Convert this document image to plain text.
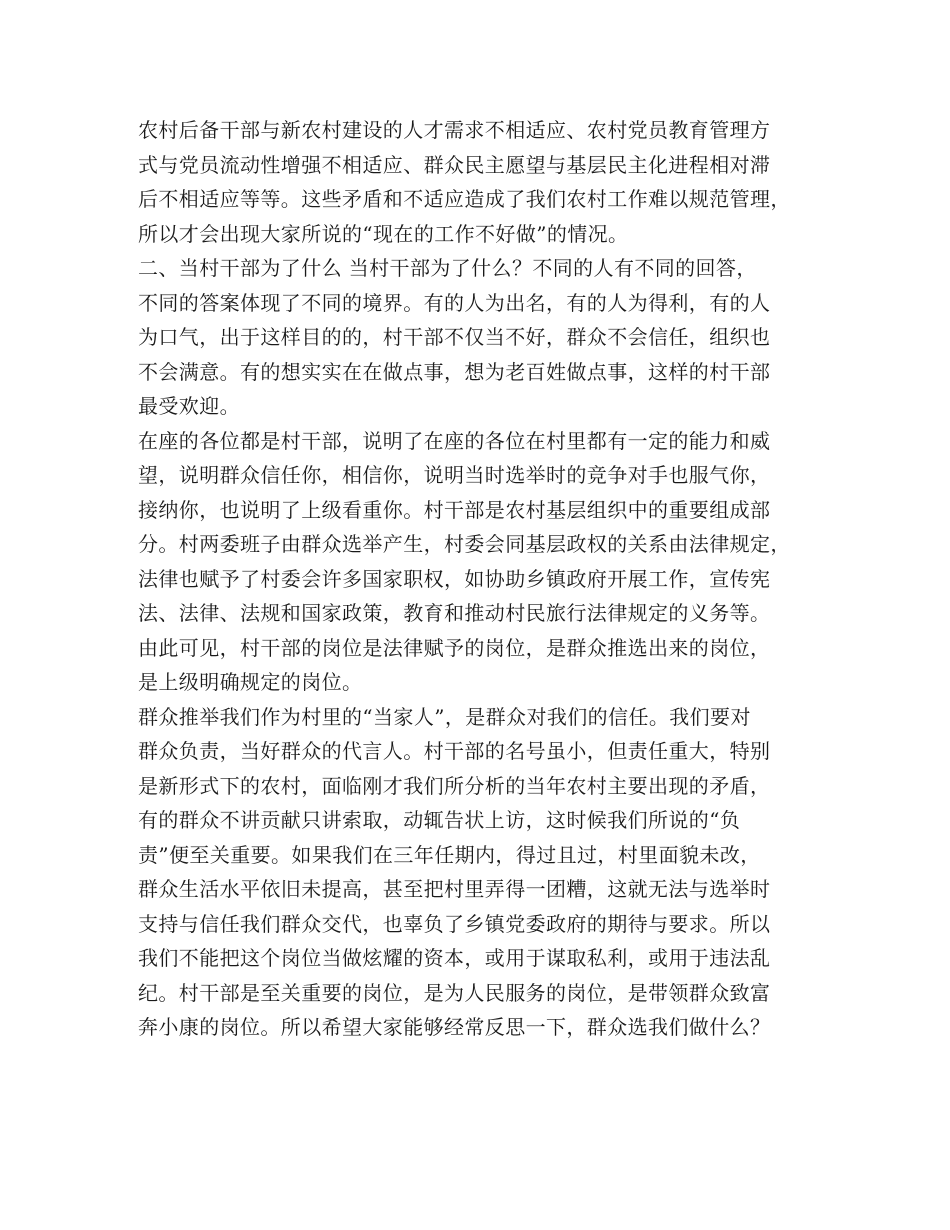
农村后备干部与新农村建设的人才需求不相适应、农村党员教育管理方
式与党员流动性增强不相适应、群众民主愿望与基层民主化进程相对滞
后不相适应等等。这些矛盾和不适应造成了我们农村工作难以规范管理，
所以才会出现大家所说的“现在的工作不好做”的情况。
二、当村干部为了什么 当村干部为了什么？不同的人有不同的回答，
不同的答案体现了不同的境界。有的人为出名，有的人为得利，有的人
为口气，出于这样目的的，村干部不仅当不好，群众不会信任，组织也
不会满意。有的想实实在在做点事，想为老百姓做点事，这样的村干部
最受欢迎。
在座的各位都是村干部，说明了在座的各位在村里都有一定的能力和威
望，说明群众信任你，相信你，说明当时选举时的竞争对手也服气你，
接纳你，也说明了上级看重你。村干部是农村基层组织中的重要组成部
分。村两委班子由群众选举产生，村委会同基层政权的关系由法律规定，
法律也赋予了村委会许多国家职权，如协助乡镇政府开展工作，宣传宪
法、法律、法规和国家政策，教育和推动村民旅行法律规定的义务等。
由此可见，村干部的岗位是法律赋予的岗位，是群众推选出来的岗位，
是上级明确规定的岗位。
群众推举我们作为村里的“当家人”，是群众对我们的信任。我们要对
群众负责，当好群众的代言人。村干部的名号虽小，但责任重大，特别
是新形式下的农村，面临刚才我们所分析的当年农村主要出现的矛盾，
有的群众不讲贡献只讲索取，动辄告状上访，这时候我们所说的“负
责”便至关重要。如果我们在三年任期内，得过且过，村里面貌未改，
群众生活水平依旧未提高，甚至把村里弄得一团糟，这就无法与选举时
支持与信任我们群众交代，也辜负了乡镇党委政府的期待与要求。所以
我们不能把这个岗位当做炫耀的资本，或用于谋取私利，或用于违法乱
纪。村干部是至关重要的岗位，是为人民服务的岗位，是带领群众致富
奔小康的岗位。所以希望大家能够经常反思一下，群众选我们做什么？
